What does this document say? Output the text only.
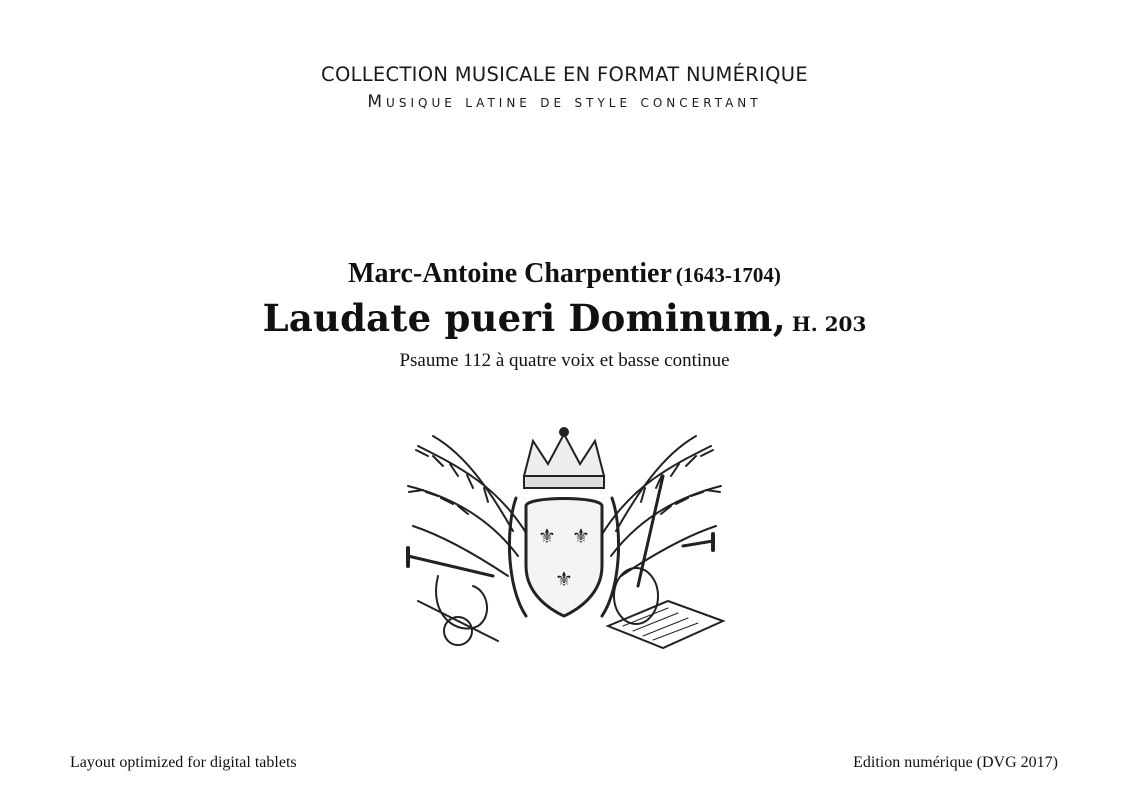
COLLECTION MUSICALE EN FORMAT NUMÉRIQUE
Musique latine de style concertant
Marc-Antoine Charpentier (1643-1704)
Laudate pueri Dominum, H. 203
Psaume 112 à quatre voix et basse continue
⚜ ⚜
⚜
Layout optimized for digital tablets	Edition numérique (DVG 2017)
